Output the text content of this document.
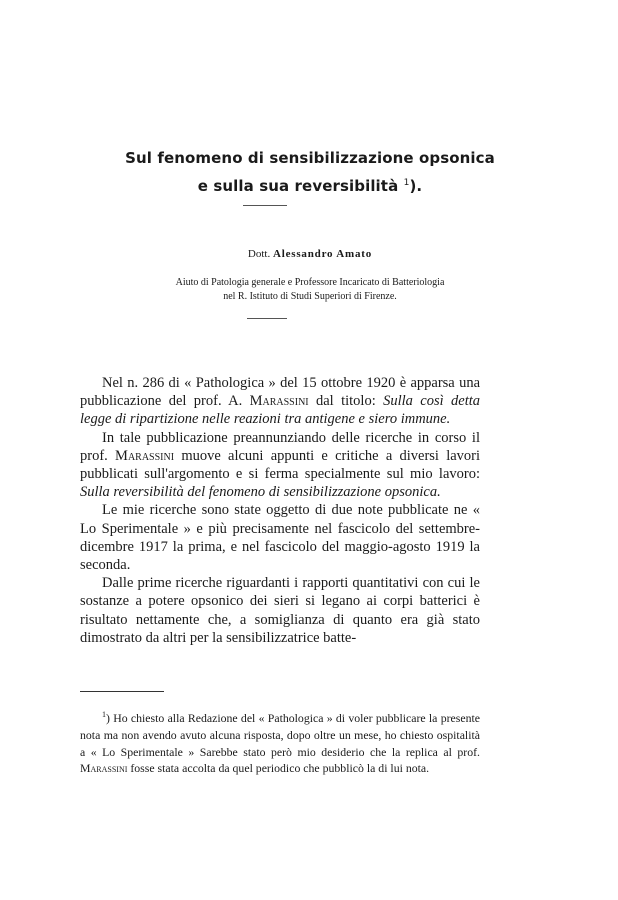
Sul fenomeno di sensibilizzazione opsonica
e sulla sua reversibilità $^1$).
Dott. Alessandro Amato
Aiuto di Patologia generale e Professore Incaricato di Batteriologia
nel R. Istituto di Studi Superiori di Firenze.

Nel n. 286 di « Pathologica » del 15 ottobre 1920 è apparsa una pubblicazione del prof. A. Marassini dal titolo: Sulla così detta legge di ripartizione nelle reazioni tra antigene e siero immune.

In tale pubblicazione preannunziando delle ricerche in corso il prof. Marassini muove alcuni appunti e critiche a diversi lavori pubblicati sull'argomento e si ferma specialmente sul mio lavoro: Sulla reversibilità del fenomeno di sensibilizzazione opsonica.

Le mie ricerche sono state oggetto di due note pubblicate ne « Lo Sperimentale » e più precisamente nel fascicolo del settembre-dicembre 1917 la prima, e nel fascicolo del maggio-agosto 1919 la seconda.

Dalle prime ricerche riguardanti i rapporti quantitativi con cui le sostanze a potere opsonico dei sieri si legano ai corpi batterici è risultato nettamente che, a somiglianza di quanto era già stato dimostrato da altri per la sensibilizzatrice batte-

$^1$) Ho chiesto alla Redazione del « Pathologica » di voler pubblicare la presente nota ma non avendo avuto alcuna risposta, dopo oltre un mese, ho chiesto ospitalità a « Lo Sperimentale » Sarebbe stato però mio desiderio che la replica al prof. Marassini fosse stata accolta da quel periodico che pubblicò la di lui nota.
